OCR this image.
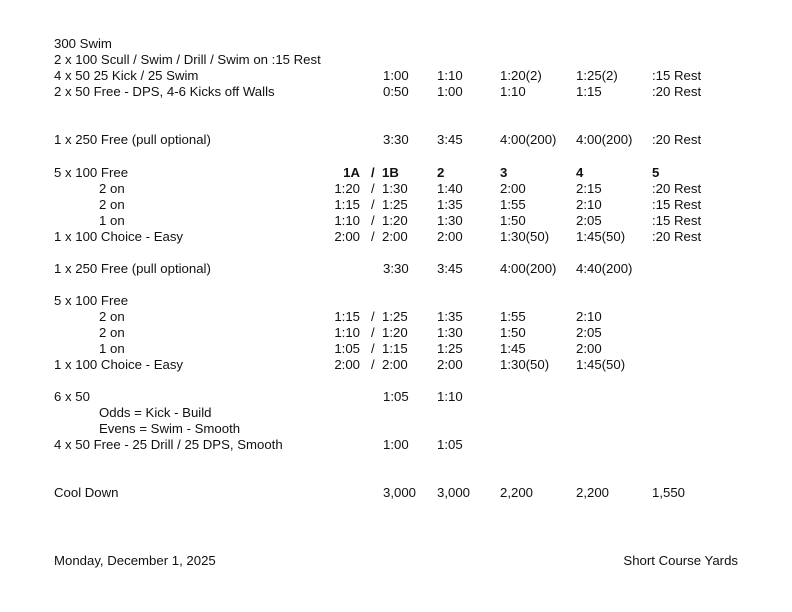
300 Swim
2 x 100 Scull / Swim / Drill / Swim on :15 Rest
4 x 50 25 Kick / 25 Swim	1:00 1:10	1:20(2)	1:25(2)	:15 Rest
2 x 50 Free - DPS, 4-6 Kicks off Walls	0:50 1:00	1:10	1:15	:20 Rest
1 x 250 Free (pull optional)	3:30 3:45	4:00(200) 4:00(200) :20 Rest
5 x 100 Free	1A / 1B	2	3	4	5
2 on	1:20 / 1:30 1:40	2:00	2:15	:20 Rest
2 on	1:15 / 1:25 1:35	1:55	2:10	:15 Rest
1 on	1:10 / 1:20 1:30	1:50	2:05	:15 Rest
1 x 100 Choice - Easy	2:00 / 2:00 2:00	1:30(50) 1:45(50) :20 Rest
1 x 250 Free (pull optional)	3:30 3:45	4:00(200) 4:40(200)
5 x 100 Free
2 on	1:15 / 1:25 1:35	1:55	2:10
2 on	1:10 / 1:20 1:30	1:50	2:05
1 on	1:05 / 1:15 1:25	1:45	2:00
1 x 100 Choice - Easy	2:00 / 2:00 2:00	1:30(50) 1:45(50)
6 x 50	1:05 1:10
Odds = Kick - Build
Evens = Swim - Smooth
4 x 50 Free - 25 Drill / 25 DPS, Smooth	1:00 1:05
Cool Down	3,000 3,000 2,200	2,200	1,550
Monday, December 1, 2025	Short Course Yards
